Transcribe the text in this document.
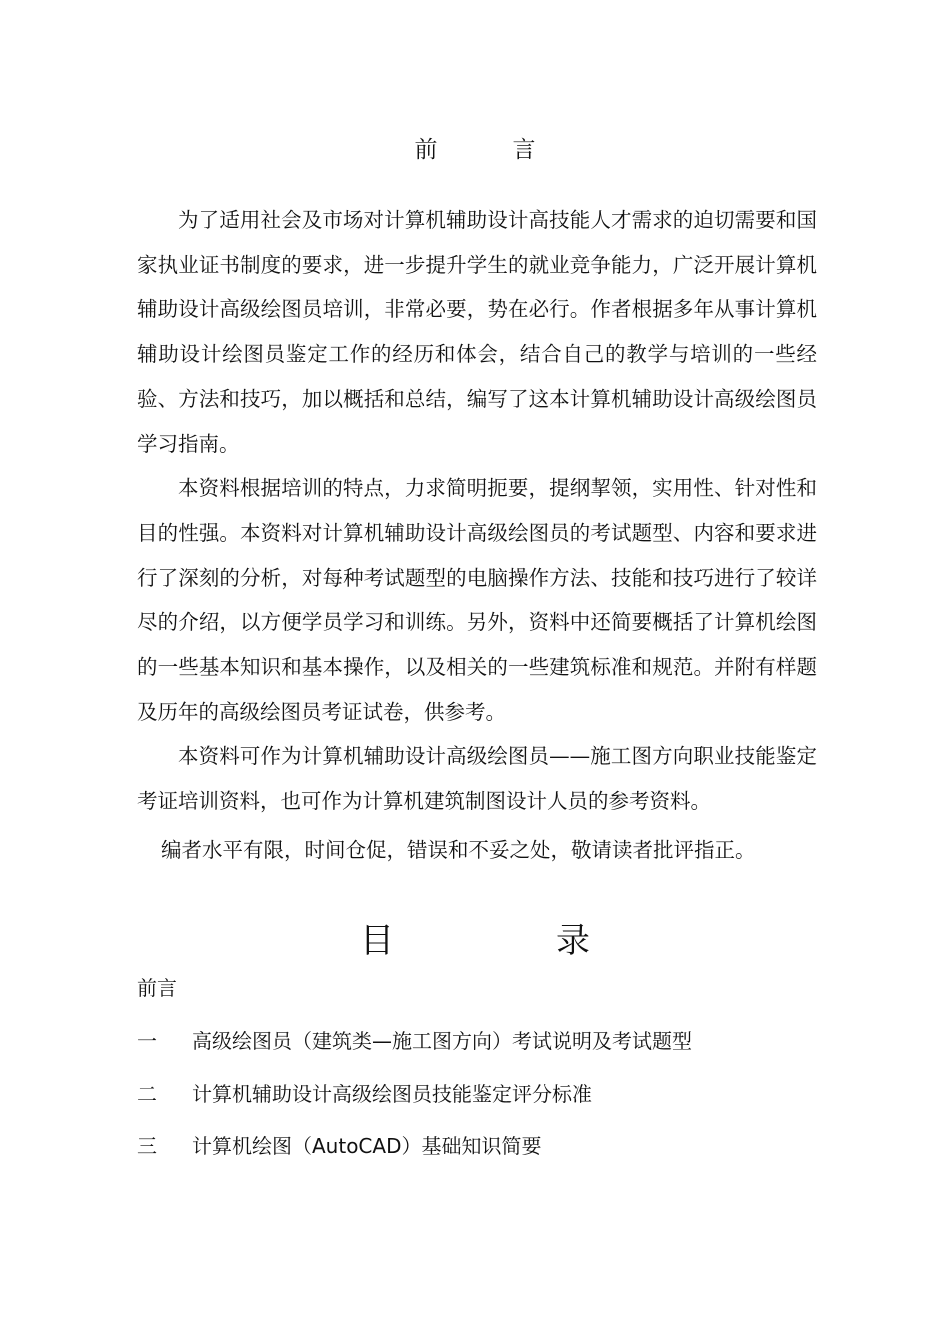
前　言

为了适用社会及市场对计算机辅助设计高技能人才需求的迫切需要和国家执业证书制度的要求，进一步提升学生的就业竞争能力，广泛开展计算机辅助设计高级绘图员培训，非常必要，势在必行。作者根据多年从事计算机辅助设计绘图员鉴定工作的经历和体会，结合自己的教学与培训的一些经验、方法和技巧，加以概括和总结，编写了这本计算机辅助设计高级绘图员学习指南。

本资料根据培训的特点，力求简明扼要，提纲挈领，实用性、针对性和目的性强。本资料对计算机辅助设计高级绘图员的考试题型、内容和要求进行了深刻的分析，对每种考试题型的电脑操作方法、技能和技巧进行了较详尽的介绍，以方便学员学习和训练。另外，资料中还简要概括了计算机绘图的一些基本知识和基本操作，以及相关的一些建筑标准和规范。并附有样题及历年的高级绘图员考证试卷，供参考。

本资料可作为计算机辅助设计高级绘图员——施工图方向职业技能鉴定考证培训资料，也可作为计算机建筑制图设计人员的参考资料。

编者水平有限，时间仓促，错误和不妥之处，敬请读者批评指正。

目　录
前言
一 高级绘图员（建筑类—施工图方向）考试说明及考试题型
二 计算机辅助设计高级绘图员技能鉴定评分标准
三 计算机绘图（AutoCAD）基础知识简要
